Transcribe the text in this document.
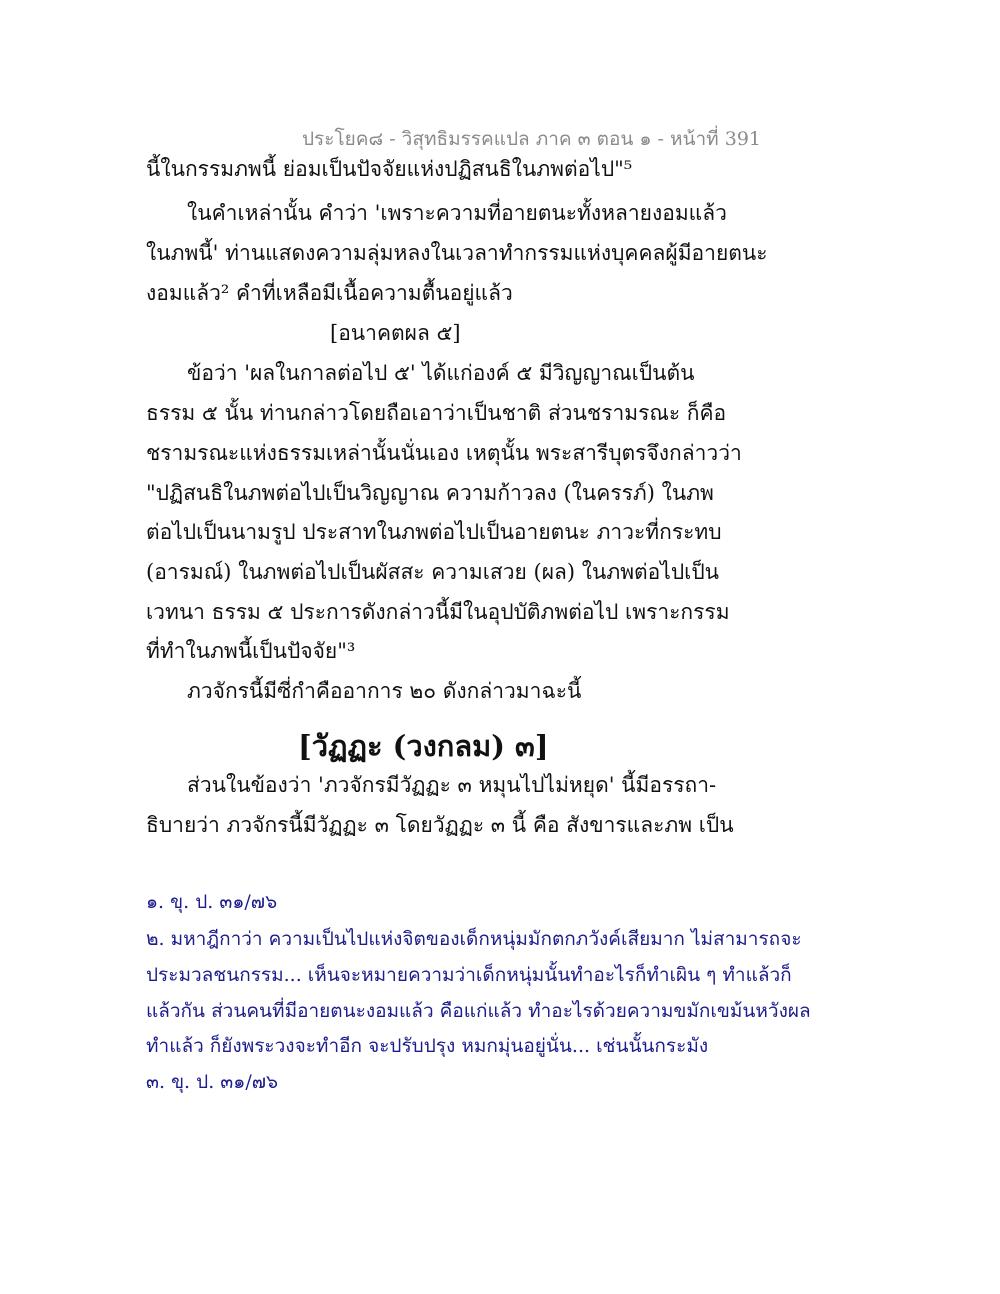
ประโยค๘ - วิสุทธิมรรคแปล ภาค ๓ ตอน ๑ - หน้าที่ 391
นี้ในกรรมภพนี้ ย่อมเป็นปัจจัยแห่งปฏิสนธิในภพต่อไป"⁵
ในคำเหล่านั้น คำว่า 'เพราะความที่อายตนะทั้งหลายงอมแล้ว
ในภพนี้' ท่านแสดงความลุ่มหลงในเวลาทำกรรมแห่งบุคคลผู้มีอายตนะ
งอมแล้ว² คำที่เหลือมีเนื้อความตื้นอยู่แล้ว
[อนาคตผล ๕]
ข้อว่า 'ผลในกาลต่อไป ๕' ได้แก่องค์ ๕ มีวิญญาณเป็นต้น
ธรรม ๕ นั้น ท่านกล่าวโดยถือเอาว่าเป็นชาติ ส่วนชรามรณะ ก็คือ
ชรามรณะแห่งธรรมเหล่านั้นนั่นเอง เหตุนั้น พระสารีบุตรจึงกล่าวว่า
"ปฏิสนธิในภพต่อไปเป็นวิญญาณ ความก้าวลง (ในครรภ์) ในภพ
ต่อไปเป็นนามรูป ประสาทในภพต่อไปเป็นอายตนะ ภาวะที่กระทบ
(อารมณ์) ในภพต่อไปเป็นผัสสะ ความเสวย (ผล) ในภพต่อไปเป็น
เวทนา ธรรม ๕ ประการดังกล่าวนี้มีในอุปบัติภพต่อไป เพราะกรรม
ที่ทำในภพนี้เป็นปัจจัย"³
ภวจักรนี้มีซี่กำคืออาการ ๒๐ ดังกล่าวมาฉะนี้
[วัฏฏะ (วงกลม) ๓]
ส่วนในข้องว่า 'ภวจักรมีวัฏฏะ ๓ หมุนไปไม่หยุด' นี้มีอรรถา-
ธิบายว่า ภวจักรนี้มีวัฏฏะ ๓ โดยวัฏฏะ ๓ นี้ คือ สังขารและภพ เป็น
๑. ขุ. ป. ๓๑/๗๖
๒. มหาฎีกาว่า ความเป็นไปแห่งจิตของเด็กหนุ่มมักตกภวังค์เสียมาก ไม่สามารถจะ
ประมวลชนกรรม... เห็นจะหมายความว่าเด็กหนุ่มนั้นทำอะไรก็ทำเผิน ๆ ทำแล้วก็
แล้วกัน ส่วนคนที่มีอายตนะงอมแล้ว คือแก่แล้ว ทำอะไรด้วยความขมักเขม้นหวังผล
ทำแล้ว ก็ยังพระวงจะทำอีก จะปรับปรุง หมกมุ่นอยู่นั่น... เช่นนั้นกระมัง
๓. ขุ. ป. ๓๑/๗๖
